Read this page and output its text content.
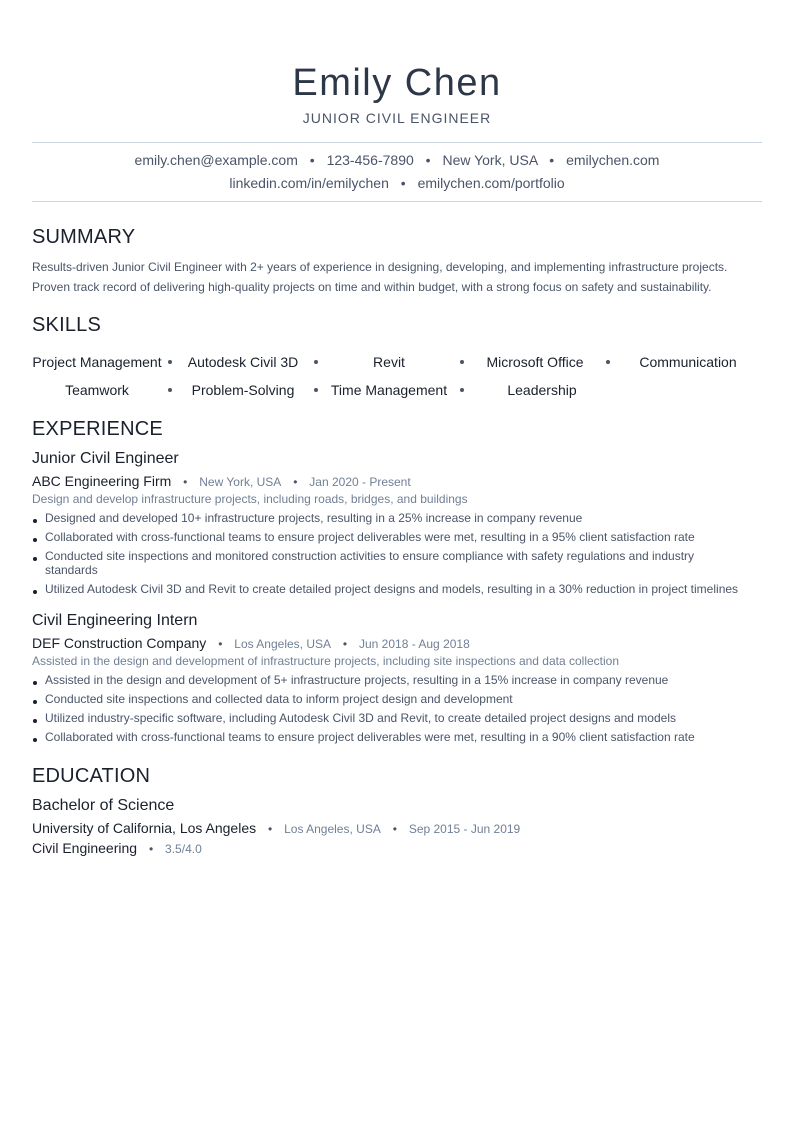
Emily Chen
JUNIOR CIVIL ENGINEER
emily.chen@example.com • 123-456-7890 • New York, USA • emilychen.com
linkedin.com/in/emilychen • emilychen.com/portfolio
SUMMARY
Results-driven Junior Civil Engineer with 2+ years of experience in designing, developing, and implementing infrastructure projects. Proven track record of delivering high-quality projects on time and within budget, with a strong focus on safety and sustainability.
SKILLS
Project Management	Autodesk Civil 3D	Revit	Microsoft Office	Communication
Teamwork	Problem-Solving	Time Management	Leadership
EXPERIENCE
Junior Civil Engineer
ABC Engineering Firm • New York, USA • Jan 2020 - Present
Design and develop infrastructure projects, including roads, bridges, and buildings
Designed and developed 10+ infrastructure projects, resulting in a 25% increase in company revenue
Collaborated with cross-functional teams to ensure project deliverables were met, resulting in a 95% client satisfaction rate
Conducted site inspections and monitored construction activities to ensure compliance with safety regulations and industry standards
Utilized Autodesk Civil 3D and Revit to create detailed project designs and models, resulting in a 30% reduction in project timelines
Civil Engineering Intern
DEF Construction Company • Los Angeles, USA • Jun 2018 - Aug 2018
Assisted in the design and development of infrastructure projects, including site inspections and data collection
Assisted in the design and development of 5+ infrastructure projects, resulting in a 15% increase in company revenue
Conducted site inspections and collected data to inform project design and development
Utilized industry-specific software, including Autodesk Civil 3D and Revit, to create detailed project designs and models
Collaborated with cross-functional teams to ensure project deliverables were met, resulting in a 90% client satisfaction rate
EDUCATION
Bachelor of Science
University of California, Los Angeles • Los Angeles, USA • Sep 2015 - Jun 2019
Civil Engineering • 3.5/4.0
